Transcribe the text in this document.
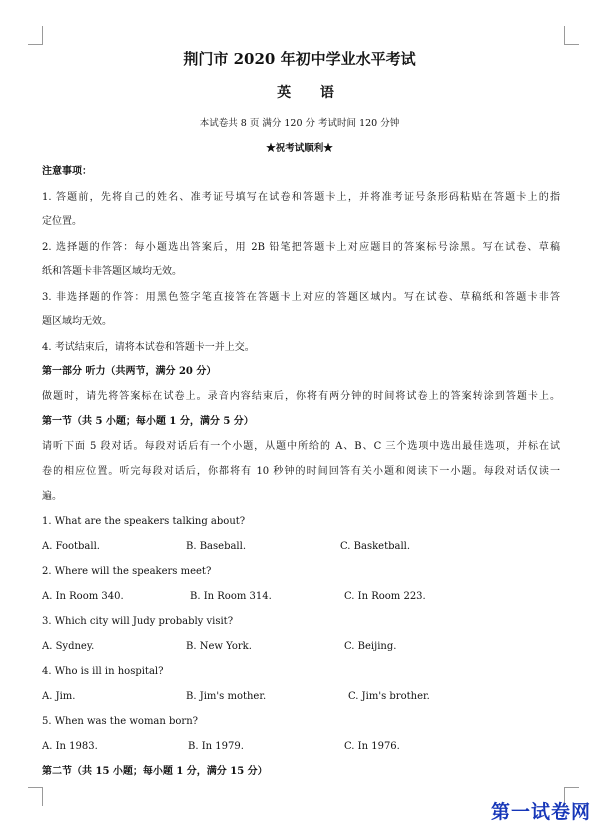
荆门市 2020 年初中学业水平考试
英 语
本试卷共 8 页 满分 120 分 考试时间 120 分钟
★祝考试顺利★
注意事项：
1. 答题前，先将自己的姓名、准考证号填写在试卷和答题卡上，并将准考证号条形码粘贴在答题卡上的指
定位置。
2. 选择题的作答：每小题选出答案后，用 2B 铅笔把答题卡上对应题目的答案标号涂黑。写在试卷、草稿
纸和答题卡非答题区域均无效。
3. 非选择题的作答：用黑色签字笔直接答在答题卡上对应的答题区域内。写在试卷、草稿纸和答题卡非答
题区域均无效。
4. 考试结束后，请将本试卷和答题卡一并上交。
第一部分 听力（共两节，满分 20 分）
做题时，请先将答案标在试卷上。录音内容结束后，你将有两分钟的时间将试卷上的答案转涂到答题卡上。
第一节（共 5 小题；每小题 1 分，满分 5 分）
请听下面 5 段对话。每段对话后有一个小题，从题中所给的 A、B、C 三个选项中选出最佳选项，并标在试
卷的相应位置。听完每段对话后，你都将有 10 秒钟的时间回答有关小题和阅读下一小题。每段对话仅读一
遍。
1. What are the speakers talking about?
A. Football.	B. Baseball.	C. Basketball.
2. Where will the speakers meet?
A. In Room 340.	B. In Room 314.	C. In Room 223.
3. Which city will Judy probably visit?
A. Sydney.	B. New York.	C. Beijing.
4. Who is ill in hospital?
A. Jim.	B. Jim's mother.	C. Jim's brother.
5. When was the woman born?
A. In 1983.	B. In 1979.	C. In 1976.
第二节（共 15 小题；每小题 1 分，满分 15 分）
第一试卷网
